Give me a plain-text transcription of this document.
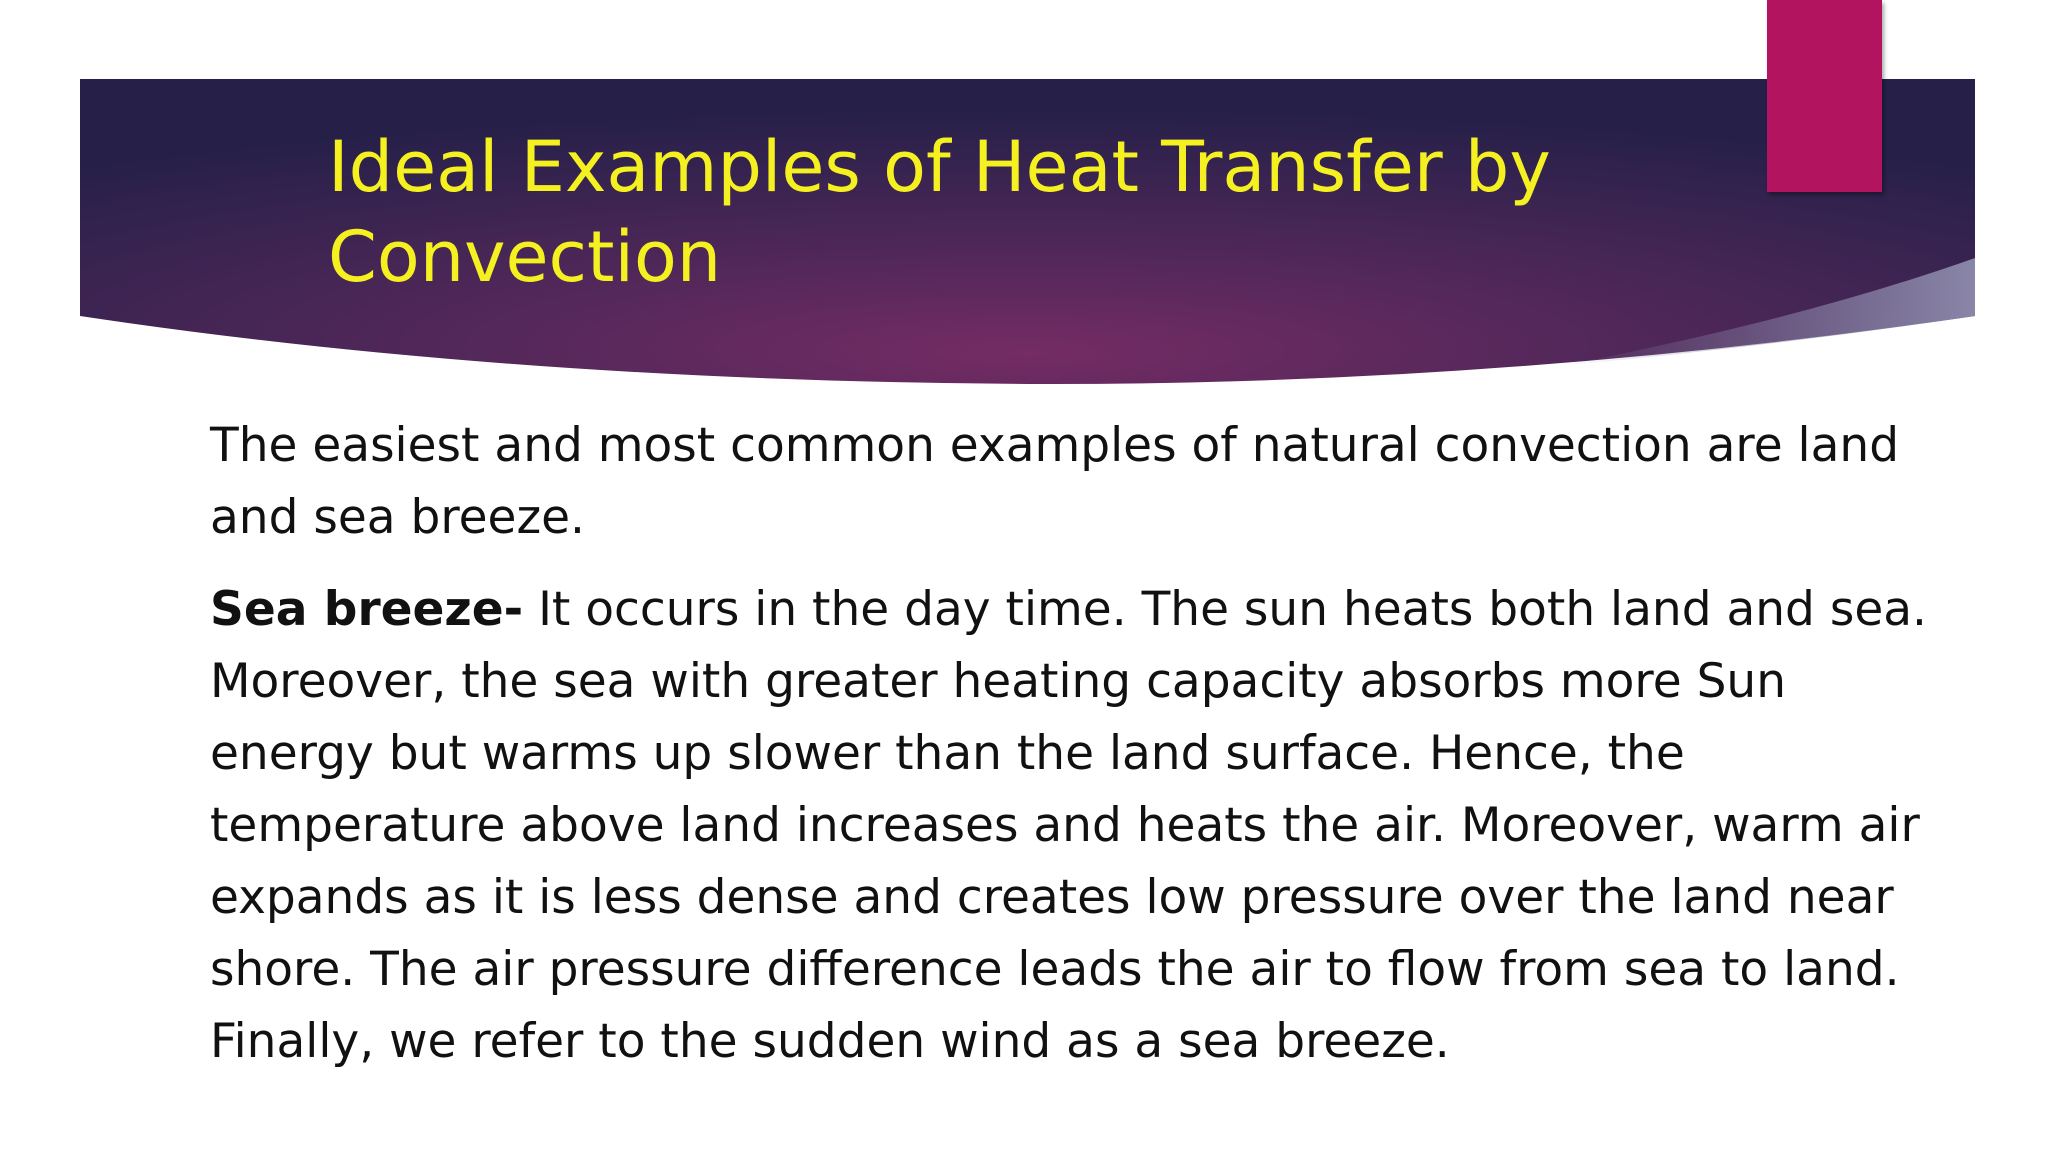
Ideal Examples of Heat Transfer by Convection

The easiest and most common examples of natural convection are land and sea breeze.

Sea breeze- It occurs in the day time. The sun heats both land and sea. Moreover, the sea with greater heating capacity absorbs more Sun energy but warms up slower than the land surface. Hence, the temperature above land increases and heats the air. Moreover, warm air expands as it is less dense and creates low pressure over the land near shore. The air pressure difference leads the air to flow from sea to land. Finally, we refer to the sudden wind as a sea breeze.
